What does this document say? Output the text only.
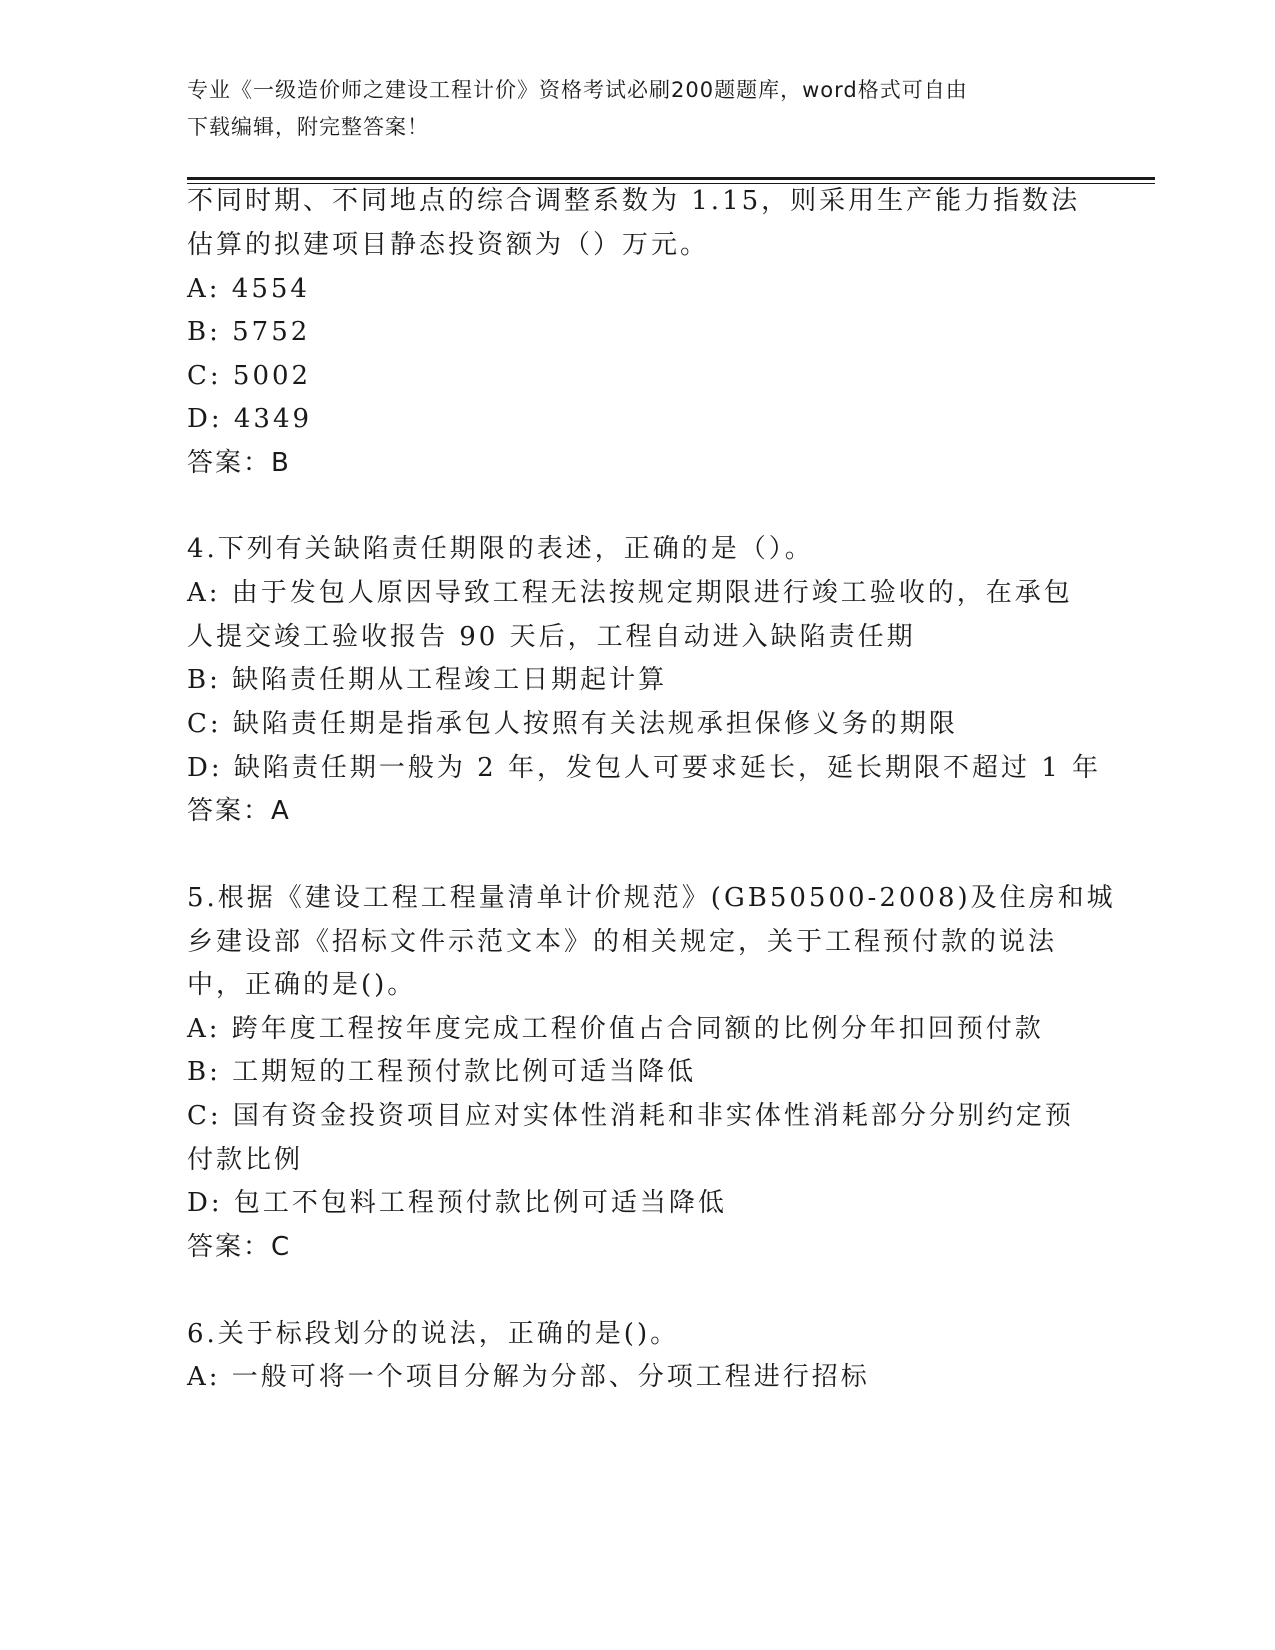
专业《一级造价师之建设工程计价》资格考试必刷200题题库，word格式可自由
下载编辑，附完整答案！
不同时期、不同地点的综合调整系数为 1.15，则采用生产能力指数法
估算的拟建项目静态投资额为（）万元。
A: 4554
B: 5752
C: 5002
D: 4349
答案：B
4.下列有关缺陷责任期限的表述，正确的是（）。
A: 由于发包人原因导致工程无法按规定期限进行竣工验收的，在承包
人提交竣工验收报告 90 天后，工程自动进入缺陷责任期
B: 缺陷责任期从工程竣工日期起计算
C: 缺陷责任期是指承包人按照有关法规承担保修义务的期限
D: 缺陷责任期一般为 2 年，发包人可要求延长，延长期限不超过 1 年
答案：A
5.根据《建设工程工程量清单计价规范》(GB50500-2008)及住房和城
乡建设部《招标文件示范文本》的相关规定，关于工程预付款的说法
中，正确的是()。
A: 跨年度工程按年度完成工程价值占合同额的比例分年扣回预付款
B: 工期短的工程预付款比例可适当降低
C: 国有资金投资项目应对实体性消耗和非实体性消耗部分分别约定预
付款比例
D: 包工不包料工程预付款比例可适当降低
答案：C
6.关于标段划分的说法，正确的是()。
A: 一般可将一个项目分解为分部、分项工程进行招标
